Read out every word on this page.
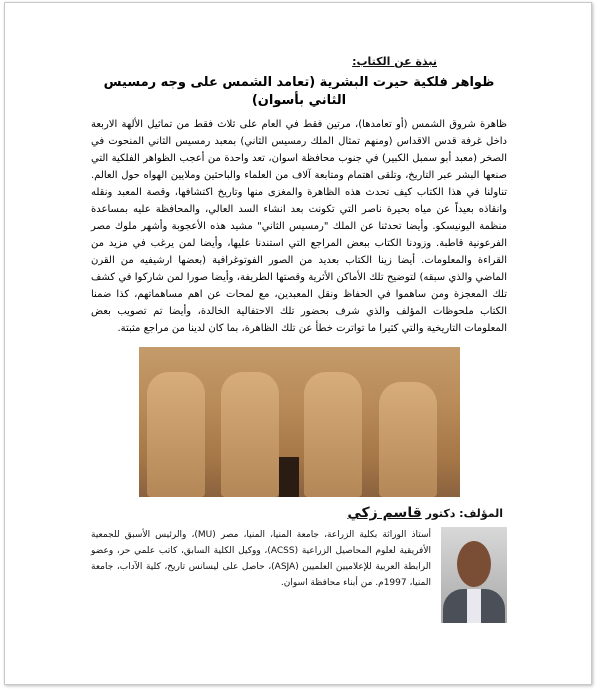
نبذة عن الكتاب:
ظواهر فلكية حيرت البشرية (تعامد الشمس على وجه رمسيس الثاني بأسوان)
ظاهرة شروق الشمس (أو تعامدها)، مرتين فقط في العام على ثلاث فقط من تماثيل الألهة الاربعة داخل غرفة قدس الاقداس (ومنهم تمثال الملك رمسيس الثاني) بمعبد رمسيس الثاني المنحوت في الصخر (معبد أبو سمبل الكبير) في جنوب محافظة اسوان، تعد واحدة من أعجب الظواهر الفلكية التي صنعها البشر عبر التاريخ، وتلقى اهتمام ومتابعة آلاف من العلماء والباحثين وملايين الهواه حول العالم. تناولنا في هذا الكتاب كيف تحدث هذه الظاهرة والمغزى منها وتاريخ اكتشافها، وقصة المعبد ونقله وانقاذه بعيداً عن مياه بحيرة ناصر التي تكونت بعد انشاء السد العالي، والمحافظة عليه بمساعدة منظمة اليونيسكو. وأيضا تحدثنا عن الملك "رمسيس الثاني" مشيد هذه الأعجوبة وأشهر ملوك مصر الفرعونية قاطبة. وزودنا الكتاب ببعض المراجع التي استندنا عليها، وأيضا لمن يرغب في مزيد من القراءة والمعلومات. أيضا زينا الكتاب بعديد من الصور الفوتوغرافية (بعضها ارشيفيه من القرن الماضي والذي سبقه) لتوضيح تلك الأماكن الأثرية وقصتها الطريفة، وأيضا صورا لمن شاركوا في كشف تلك المعجزة ومن ساهموا في الحفاظ ونقل المعبدين، مع لمحات عن اهم مساهماتهم، كذا ضمنا الكتاب ملحوظات المؤلف والذي شرف بحضور تلك الاحتفالية الخالدة، وأيضا تم تصويب بعض المعلومات التاريخية والتي كثيرا ما تواترت خطأ عن تلك الظاهرة، بما كان لدينا من مراجع مثبتة.
المؤلف: دكتور قاسم زكي
أستاذ الوراثة بكلية الزراعة، جامعة المنيا، المنيا، مصر (MU)، والرئيس الأسبق للجمعية الأفريقية لعلوم المحاصيل الزراعية (ACSS)، ووكيل الكلية السابق، كاتب علمي حر، وعضو الرابطة العربية للإعلاميين العلميين (ASJA)، حاصل على ليسانس تاريخ، كلية الآداب، جامعة المنيا، 1997م. من أبناء محافظة اسوان.
